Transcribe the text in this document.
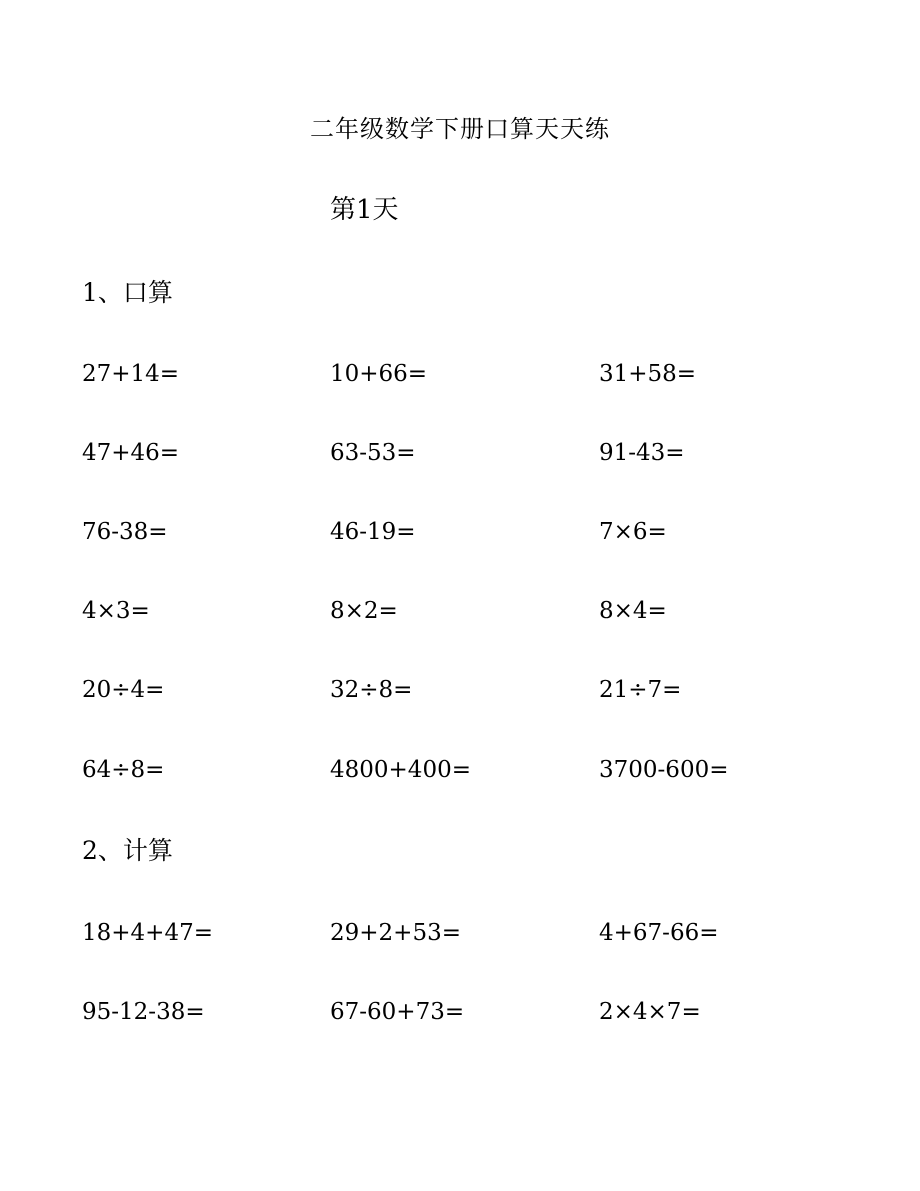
二年级数学下册口算天天练
第1天
1、口算
27+14=	10+66=	31+58=
47+46=	63-53=	91-43=
76-38=	46-19=	7×6=
4×3=	8×2=	8×4=
20÷4=	32÷8=	21÷7=
64÷8=	4800+400=	3700-600=
2、计算
18+4+47=	29+2+53=	4+67-66=
95-12-38=	67-60+73=	2×4×7=
